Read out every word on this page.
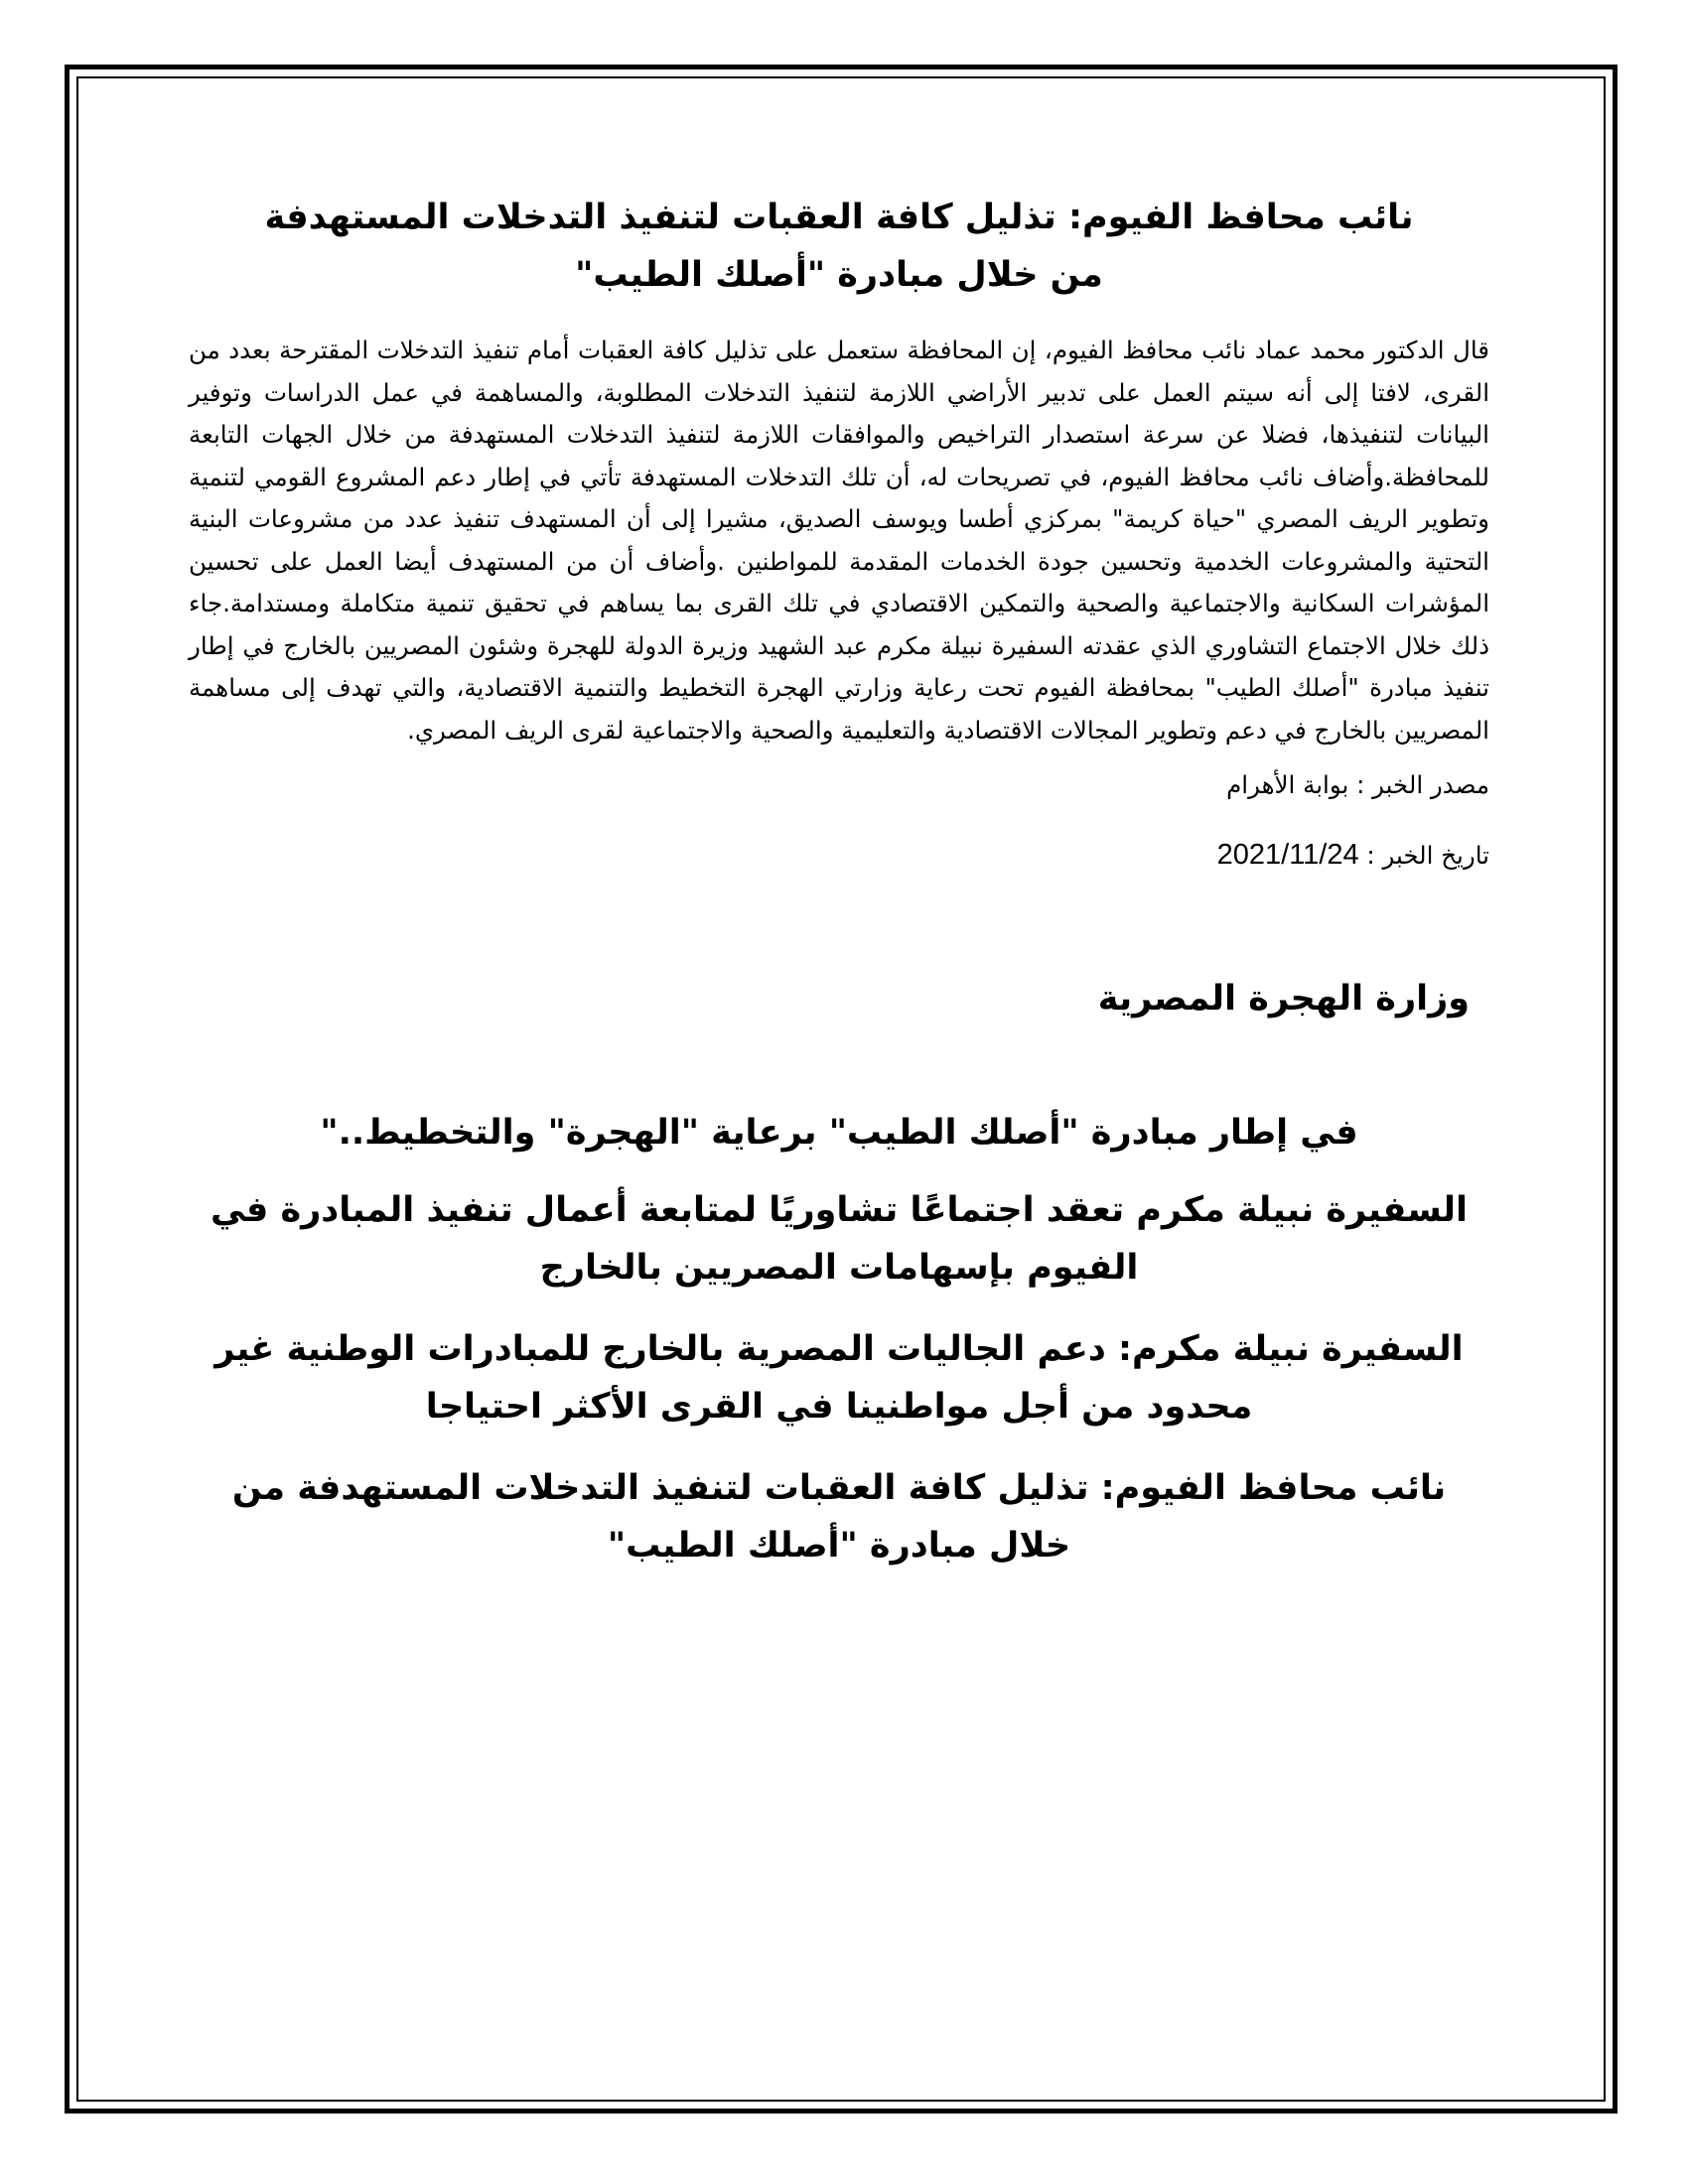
نائب محافظ الفيوم: تذليل كافة العقبات لتنفيذ التدخلات المستهدفة من خلال مبادرة "أصلك الطيب"

قال الدكتور محمد عماد نائب محافظ الفيوم، إن المحافظة ستعمل على تذليل كافة العقبات أمام تنفيذ التدخلات المقترحة بعدد من القرى، لافتا إلى أنه سيتم العمل على تدبير الأراضي اللازمة لتنفيذ التدخلات المطلوبة، والمساهمة في عمل الدراسات وتوفير البيانات لتنفيذها، فضلا عن سرعة استصدار التراخيص والموافقات اللازمة لتنفيذ التدخلات المستهدفة من خلال الجهات التابعة للمحافظة.وأضاف نائب محافظ الفيوم، في تصريحات له، أن تلك التدخلات المستهدفة تأتي في إطار دعم المشروع القومي لتنمية وتطوير الريف المصري "حياة كريمة" بمركزي أطسا ويوسف الصديق، مشيرا إلى أن المستهدف تنفيذ عدد من مشروعات البنية التحتية والمشروعات الخدمية وتحسين جودة الخدمات المقدمة للمواطنين .وأضاف أن من المستهدف أيضا العمل على تحسين المؤشرات السكانية والاجتماعية والصحية والتمكين الاقتصادي في تلك القرى بما يساهم في تحقيق تنمية متكاملة ومستدامة.جاء ذلك خلال الاجتماع التشاوري الذي عقدته السفيرة نبيلة مكرم عبد الشهيد وزيرة الدولة للهجرة وشئون المصريين بالخارج في إطار تنفيذ مبادرة "أصلك الطيب" بمحافظة الفيوم تحت رعاية وزارتي الهجرة التخطيط والتنمية الاقتصادية، والتي تهدف إلى مساهمة المصريين بالخارج في دعم وتطوير المجالات الاقتصادية والتعليمية والصحية والاجتماعية لقرى الريف المصري.

مصدر الخبر : بوابة الأهرام

تاريخ الخبر : 2021/11/24

وزارة الهجرة المصرية
في إطار مبادرة "أصلك الطيب" برعاية "الهجرة" والتخطيط.."
السفيرة نبيلة مكرم تعقد اجتماعًا تشاوريًا لمتابعة أعمال تنفيذ المبادرة في الفيوم بإسهامات المصريين بالخارج
السفيرة نبيلة مكرم: دعم الجاليات المصرية بالخارج للمبادرات الوطنية غير محدود من أجل مواطنينا في القرى الأكثر احتياجا
نائب محافظ الفيوم: تذليل كافة العقبات لتنفيذ التدخلات المستهدفة من خلال مبادرة "أصلك الطيب"
